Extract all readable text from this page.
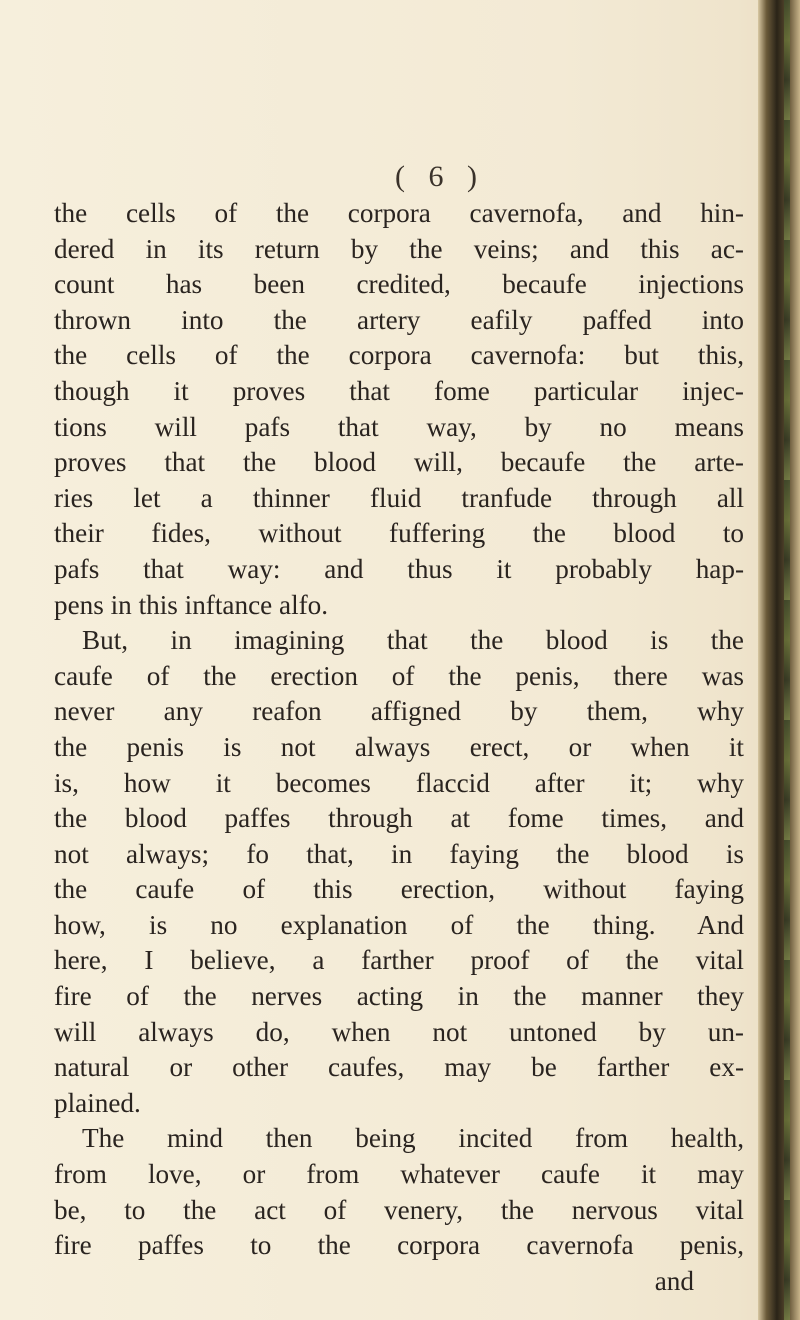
( 6 )
the cells of the corpora cavernofa, and hin-
dered in its return by the veins; and this ac-
count has been credited, becaufe injections
thrown into the artery eafily paffed into
the cells of the corpora cavernofa: but this,
though it proves that fome particular injec-
tions will pafs that way, by no means
proves that the blood will, becaufe the arte-
ries let a thinner fluid tranfude through all
their fides, without fuffering the blood to
pafs that way: and thus it probably hap-
pens in this inftance alfo.
But, in imagining that the blood is the
caufe of the erection of the penis, there was
never any reafon affigned by them, why
the penis is not always erect, or when it
is, how it becomes flaccid after it; why
the blood paffes through at fome times, and
not always; fo that, in faying the blood is
the caufe of this erection, without faying
how, is no explanation of the thing. And
here, I believe, a farther proof of the vital
fire of the nerves acting in the manner they
will always do, when not untoned by un-
natural or other caufes, may be farther ex-
plained.
The mind then being incited from health,
from love, or from whatever caufe it may
be, to the act of venery, the nervous vital
fire paffes to the corpora cavernofa penis,
and
